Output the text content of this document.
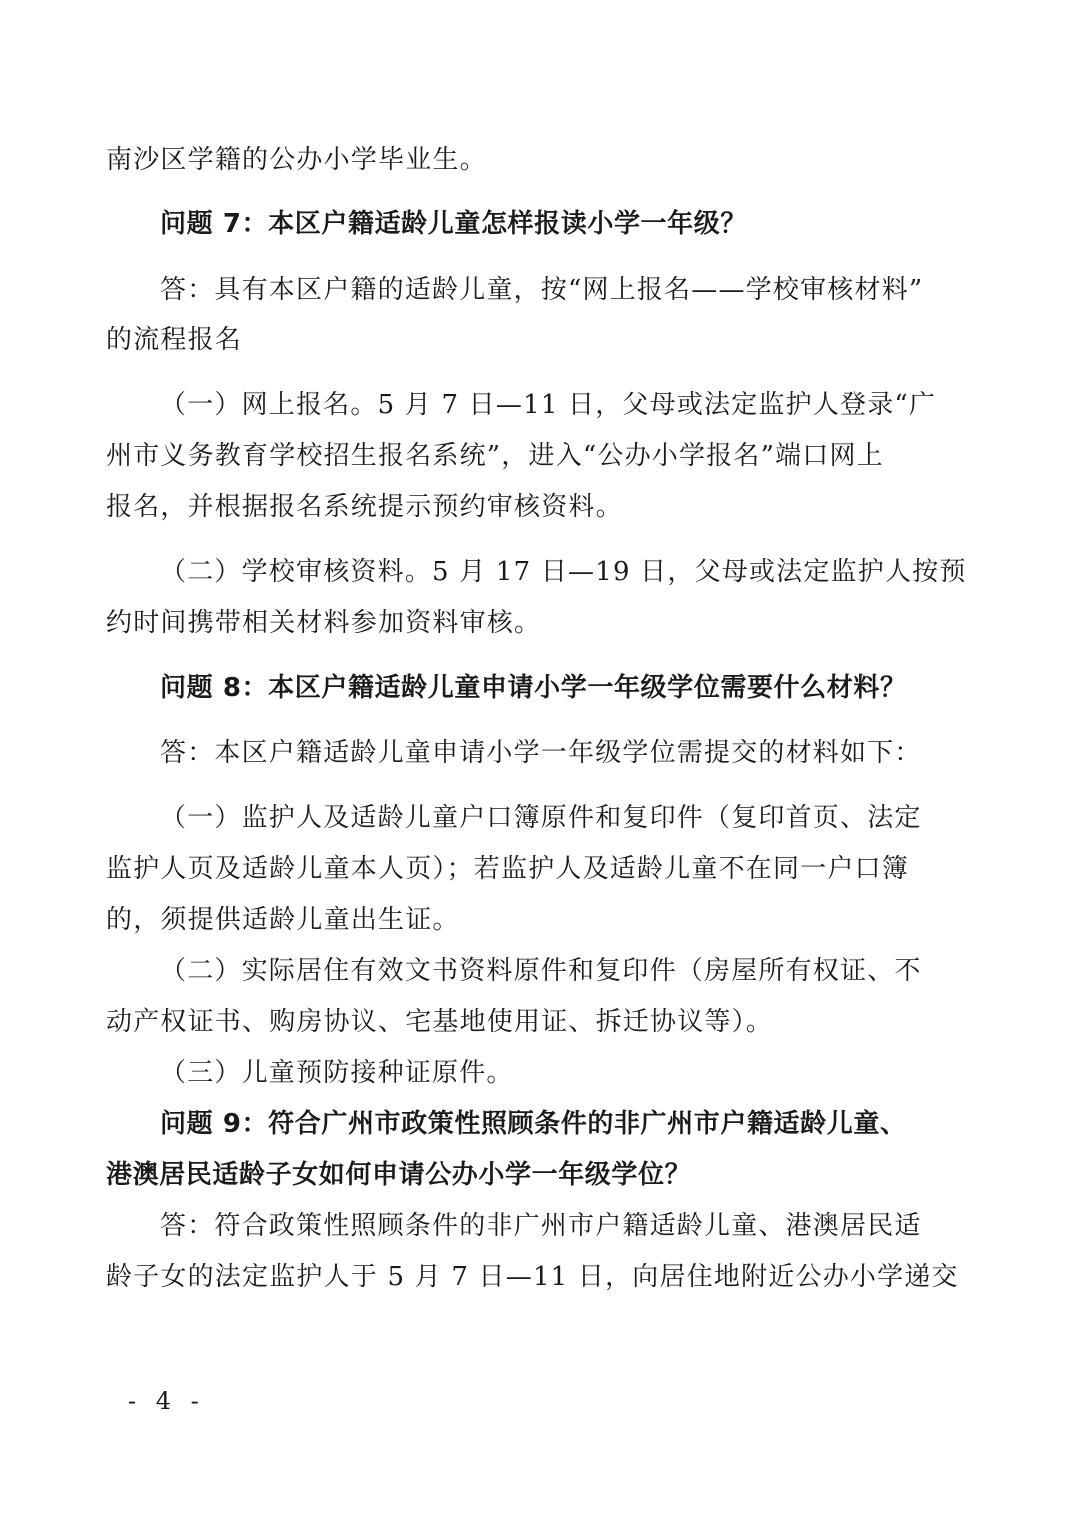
南沙区学籍的公办小学毕业生。
问题 7：本区户籍适龄儿童怎样报读小学一年级？
答：具有本区户籍的适龄儿童，按“网上报名——学校审核材料”
的流程报名
（一）网上报名。5 月 7 日—11 日，父母或法定监护人登录“广
州市义务教育学校招生报名系统”，进入“公办小学报名”端口网上
报名，并根据报名系统提示预约审核资料。
（二）学校审核资料。5 月 17 日—19 日，父母或法定监护人按预
约时间携带相关材料参加资料审核。
问题 8：本区户籍适龄儿童申请小学一年级学位需要什么材料？
答：本区户籍适龄儿童申请小学一年级学位需提交的材料如下：
（一）监护人及适龄儿童户口簿原件和复印件（复印首页、法定
监护人页及适龄儿童本人页）；若监护人及适龄儿童不在同一户口簿
的，须提供适龄儿童出生证。
（二）实际居住有效文书资料原件和复印件（房屋所有权证、不
动产权证书、购房协议、宅基地使用证、拆迁协议等）。
（三）儿童预防接种证原件。
问题 9：符合广州市政策性照顾条件的非广州市户籍适龄儿童、
港澳居民适龄子女如何申请公办小学一年级学位？
答：符合政策性照顾条件的非广州市户籍适龄儿童、港澳居民适
龄子女的法定监护人于 5 月 7 日—11 日，向居住地附近公办小学递交
- 4 -
